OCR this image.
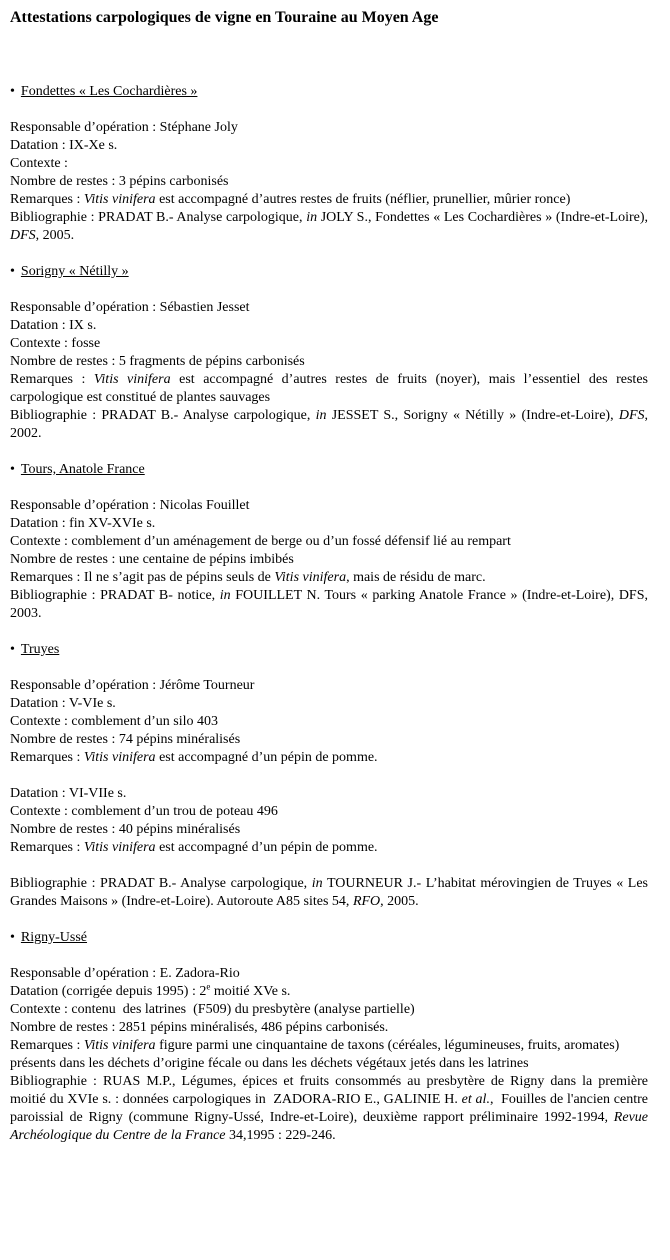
Attestations carpologiques de vigne en Touraine au Moyen Age
• Fondettes « Les Cochardières »

Responsable d’opération : Stéphane Joly

Datation : IX-Xe s.

Contexte :

Nombre de restes : 3 pépins carbonisés

Remarques : Vitis vinifera est accompagné d’autres restes de fruits (néflier, prunellier, mûrier ronce)

Bibliographie : PRADAT B.- Analyse carpologique, in JOLY S., Fondettes « Les Cochardières » (Indre-et-Loire), DFS, 2005.

• Sorigny « Nétilly »

Responsable d’opération : Sébastien Jesset

Datation : IX s.

Contexte : fosse

Nombre de restes : 5 fragments de pépins carbonisés

Remarques : Vitis vinifera est accompagné d’autres restes de fruits (noyer), mais l’essentiel des restes carpologique est constitué de plantes sauvages

Bibliographie : PRADAT B.- Analyse carpologique, in JESSET S., Sorigny « Nétilly » (Indre-et-Loire), DFS, 2002.

• Tours, Anatole France

Responsable d’opération : Nicolas Fouillet

Datation : fin XV-XVIe s.

Contexte : comblement d’un aménagement de berge ou d’un fossé défensif lié au rempart

Nombre de restes : une centaine de pépins imbibés

Remarques : Il ne s’agit pas de pépins seuls de Vitis vinifera, mais de résidu de marc.

Bibliographie : PRADAT B- notice, in FOUILLET N. Tours « parking Anatole France » (Indre-et-Loire), DFS, 2003.

• Truyes

Responsable d’opération : Jérôme Tourneur

Datation : V-VIe s.

Contexte : comblement d’un silo 403

Nombre de restes : 74 pépins minéralisés

Remarques : Vitis vinifera est accompagné d’un pépin de pomme.

Datation : VI-VIIe s.

Contexte : comblement d’un trou de poteau 496

Nombre de restes : 40 pépins minéralisés

Remarques : Vitis vinifera est accompagné d’un pépin de pomme.

Bibliographie : PRADAT B.- Analyse carpologique, in TOURNEUR J.- L’habitat mérovingien de Truyes « Les Grandes Maisons » (Indre-et-Loire). Autoroute A85 sites 54, RFO, 2005.

• Rigny-Ussé

Responsable d’opération : E. Zadora-Rio

Datation (corrigée depuis 1995) : 2e moitié XVe s.

Contexte : contenu  des latrines  (F509) du presbytère (analyse partielle)

Nombre de restes : 2851 pépins minéralisés, 486 pépins carbonisés.

Remarques : Vitis vinifera figure parmi une cinquantaine de taxons (céréales, légumineuses, fruits, aromates) présents dans les déchets d’origine fécale ou dans les déchets végétaux jetés dans les latrines

Bibliographie : RUAS M.P., Légumes, épices et fruits consommés au presbytère de Rigny dans la première moitié du XVIe s. : données carpologiques in  ZADORA-RIO E., GALINIE H. et al.,  Fouilles de l'ancien centre paroissial de Rigny (commune Rigny-Ussé, Indre-et-Loire), deuxième rapport préliminaire 1992-1994, Revue Archéologique du Centre de la France 34,1995 : 229-246.
